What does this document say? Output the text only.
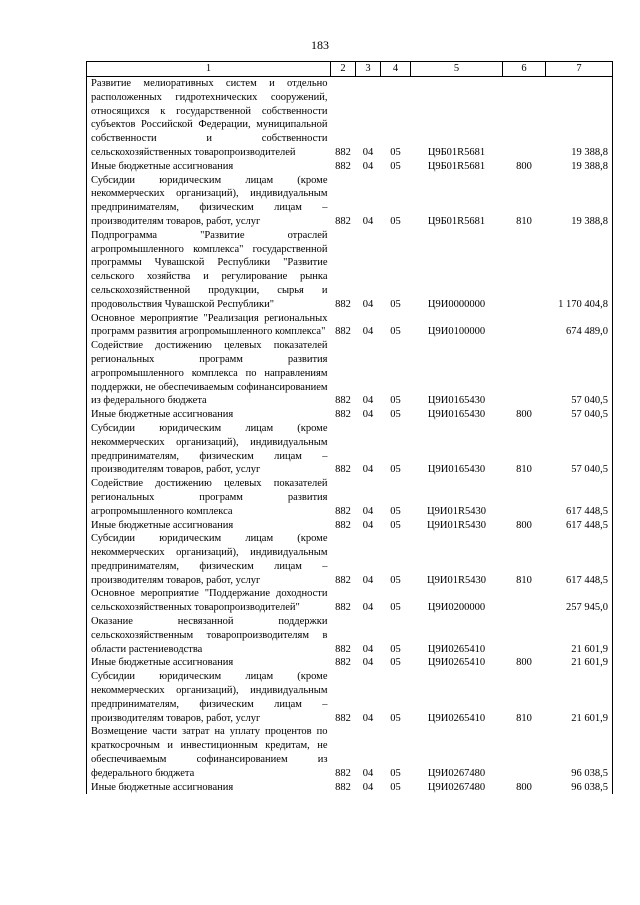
183
1	2	3	4	5	6	7
Развитие мелиоративных систем и отдельно расположенных гидротехнических сооружений, относящихся к государственной собственности субъектов Российской Федерации, муниципальной собственности и собственности сельскохозяйственных товаропроизводителей	882	04	05	Ц9Б01R5681		19 388,8
Иные бюджетные ассигнования	882	04	05	Ц9Б01R5681	800	19 388,8
Субсидии юридическим лицам (кроме некоммерческих организаций), индивидуальным предпринимателям, физическим лицам – производителям товаров, работ, услуг	882	04	05	Ц9Б01R5681	810	19 388,8
Подпрограмма "Развитие отраслей агропромышленного комплекса" государственной программы Чувашской Республики "Развитие сельского хозяйства и регулирование рынка сельскохозяйственной продукции, сырья и продовольствия Чувашской Республики"	882	04	05	Ц9И0000000		1 170 404,8
Основное мероприятие "Реализация региональных программ развития агропромышленного комплекса"	882	04	05	Ц9И0100000		674 489,0
Содействие достижению целевых показателей региональных программ развития агропромышленного комплекса по направлениям поддержки, не обеспечиваемым софинансированием из федерального бюджета	882	04	05	Ц9И0165430		57 040,5
Иные бюджетные ассигнования	882	04	05	Ц9И0165430	800	57 040,5
Субсидии юридическим лицам (кроме некоммерческих организаций), индивидуальным предпринимателям, физическим лицам – производителям товаров, работ, услуг	882	04	05	Ц9И0165430	810	57 040,5
Содействие достижению целевых показателей региональных программ развития агропромышленного комплекса	882	04	05	Ц9И01R5430		617 448,5
Иные бюджетные ассигнования	882	04	05	Ц9И01R5430	800	617 448,5
Субсидии юридическим лицам (кроме некоммерческих организаций), индивидуальным предпринимателям, физическим лицам – производителям товаров, работ, услуг	882	04	05	Ц9И01R5430	810	617 448,5
Основное мероприятие "Поддержание доходности сельскохозяйственных товаропроизводителей"	882	04	05	Ц9И0200000		257 945,0
Оказание несвязанной поддержки сельскохозяйственным товаропроизводителям в области растениеводства	882	04	05	Ц9И0265410		21 601,9
Иные бюджетные ассигнования	882	04	05	Ц9И0265410	800	21 601,9
Субсидии юридическим лицам (кроме некоммерческих организаций), индивидуальным предпринимателям, физическим лицам – производителям товаров, работ, услуг	882	04	05	Ц9И0265410	810	21 601,9
Возмещение части затрат на уплату процентов по краткосрочным и инвестиционным кредитам, не обеспечиваемым софинансированием из федерального бюджета	882	04	05	Ц9И0267480		96 038,5
Иные бюджетные ассигнования	882	04	05	Ц9И0267480	800	96 038,5
